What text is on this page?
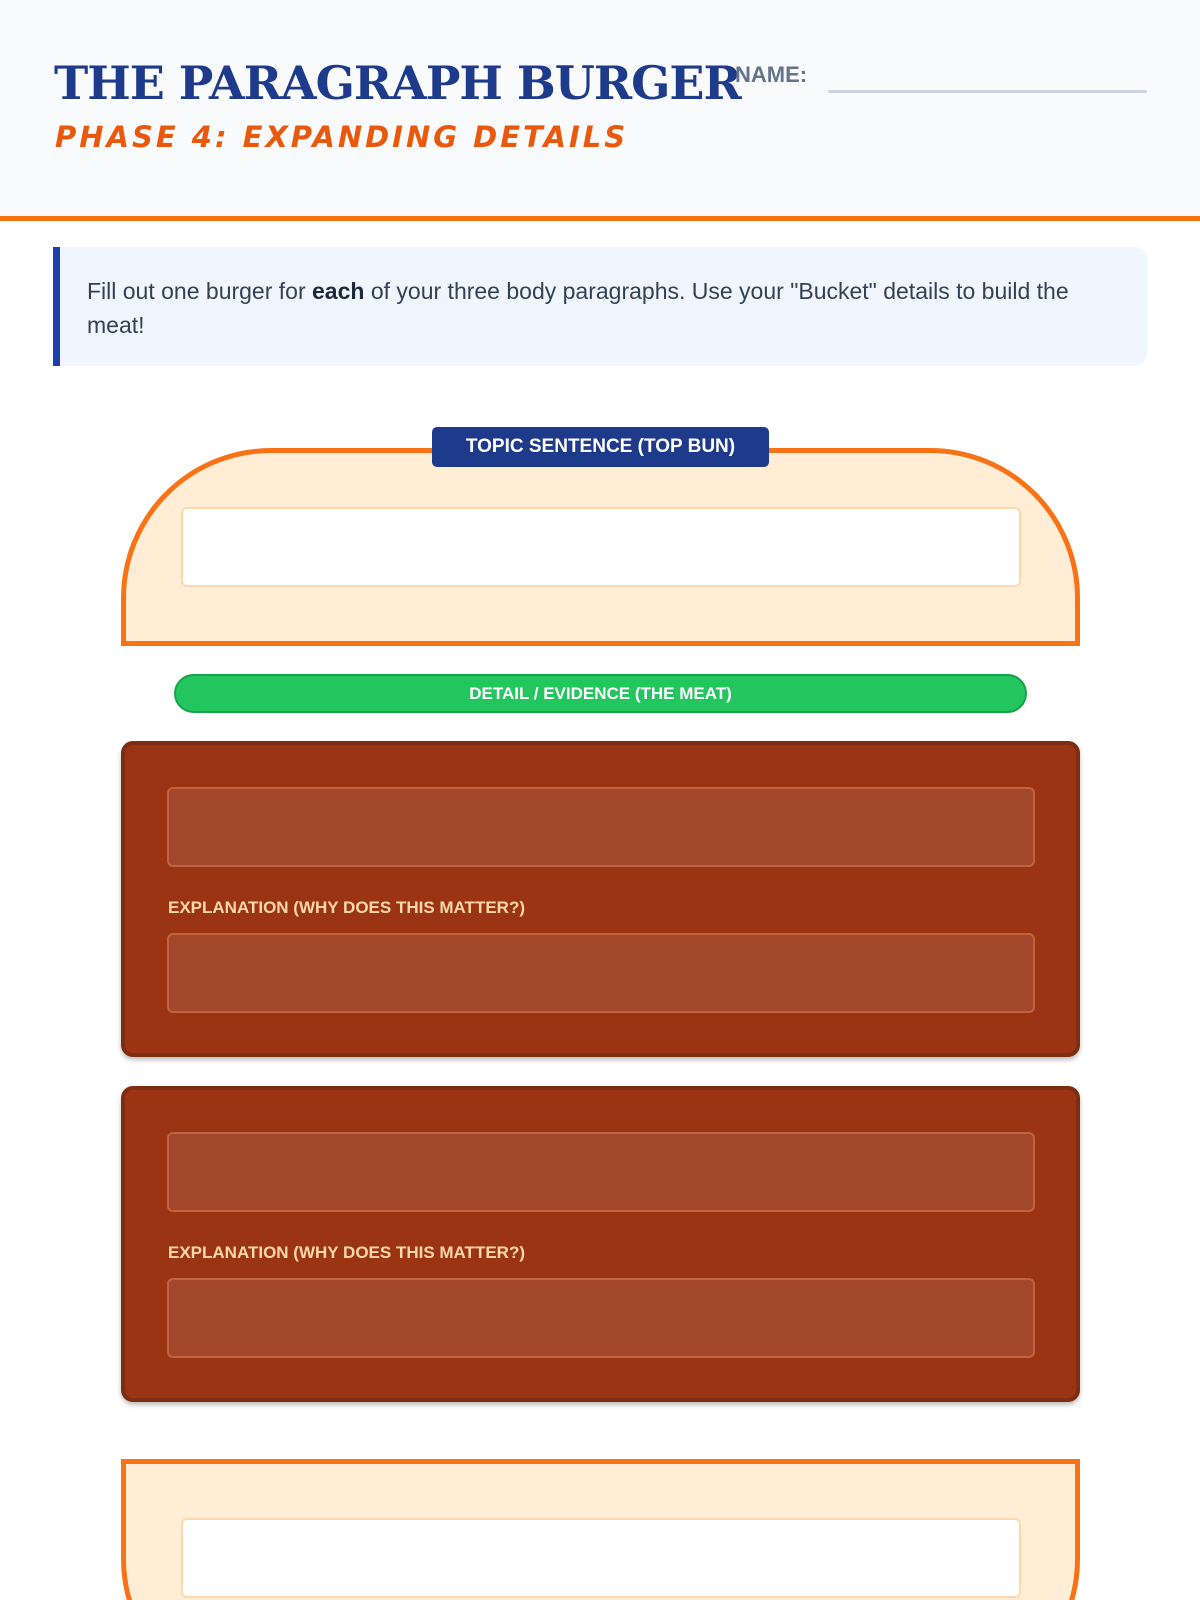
THE PARAGRAPH BURGER
PHASE 4: EXPANDING DETAILS
NAME:
Fill out one burger for each of your three body paragraphs. Use your "Bucket" details to build the meat!
TOPIC SENTENCE (TOP BUN)
DETAIL / EVIDENCE (THE MEAT)
EXPLANATION (WHY DOES THIS MATTER?)
EXPLANATION (WHY DOES THIS MATTER?)
